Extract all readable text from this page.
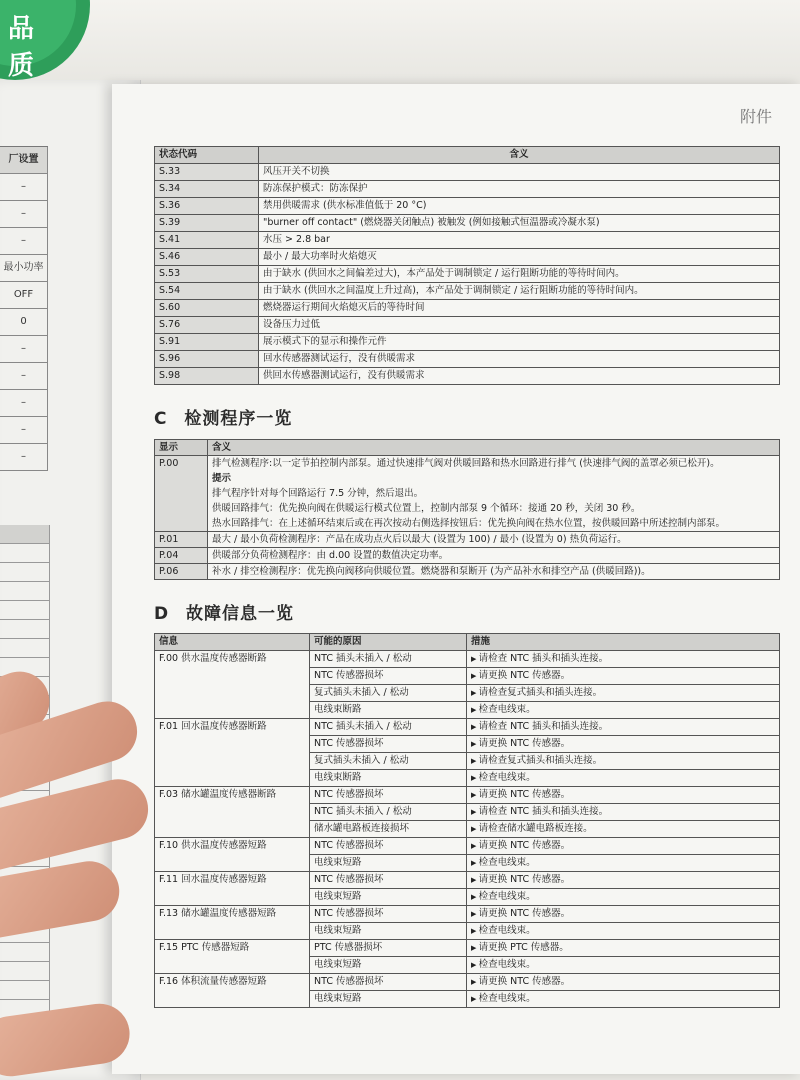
品 质
厂设置
–
–
–
最小功率
OFF
0
–
–
–
–
–
附件
状态代码	含义
S.33	风压开关不切换
S.34	防冻保护模式：防冻保护
S.36	禁用供暖需求 (供水标准值低于 20 °C)
S.39	"burner off contact" (燃烧器关闭触点) 被触发 (例如接触式恒温器或冷凝水泵)
S.41	水压 > 2.8 bar
S.46	最小 / 最大功率时火焰熄灭
S.53	由于缺水 (供回水之间偏差过大)，本产品处于调制锁定 / 运行阻断功能的等待时间内。
S.54	由于缺水 (供回水之间温度上升过高)，本产品处于调制锁定 / 运行阻断功能的等待时间内。
S.60	燃烧器运行期间火焰熄灭后的等待时间
S.76	设备压力过低
S.91	展示模式下的显示和操作元件
S.96	回水传感器测试运行，没有供暖需求
S.98	供回水传感器测试运行，没有供暖需求
C 检测程序一览
显示	含义
P.00	排气检测程序:以一定节拍控制内部泵。通过快速排气阀对供暖回路和热水回路进行排气 (快速排气阀的盖罩必须已松开)。
提示
排气程序针对每个回路运行 7.5 分钟，然后退出。
供暖回路排气：优先换向阀在供暖运行模式位置上，控制内部泵 9 个循环：接通 20 秒，关闭 30 秒。
热水回路排气：在上述循环结束后或在再次按动右侧选择按钮后：优先换向阀在热水位置，按供暖回路中所述控制内部泵。

P.01	最大 / 最小负荷检测程序：产品在成功点火后以最大 (设置为 100) / 最小 (设置为 0) 热负荷运行。

P.04	供暖部分负荷检测程序：由 d.00 设置的数值决定功率。

P.06	补水 / 排空检测程序：优先换向阀移向供暖位置。燃烧器和泵断开 (为产品补水和排空产品 (供暖回路))。
D 故障信息一览
信息	可能的原因	措施
F.00 供水温度传感器断路	NTC 插头未插入 / 松动	▶ 请检查 NTC 插头和插头连接。
	NTC 传感器损坏	▶ 请更换 NTC 传感器。
	复式插头未插入 / 松动	▶ 请检查复式插头和插头连接。
	电线束断路	▶ 检查电线束。
F.01 回水温度传感器断路	NTC 插头未插入 / 松动	▶ 请检查 NTC 插头和插头连接。
	NTC 传感器损坏	▶ 请更换 NTC 传感器。
	复式插头未插入 / 松动	▶ 请检查复式插头和插头连接。
	电线束断路	▶ 检查电线束。
F.03 储水罐温度传感器断路	NTC 传感器损坏	▶ 请更换 NTC 传感器。
	NTC 插头未插入 / 松动	▶ 请检查 NTC 插头和插头连接。
	储水罐电路板连接损坏	▶ 请检查储水罐电路板连接。
F.10 供水温度传感器短路	NTC 传感器损坏	▶ 请更换 NTC 传感器。
	电线束短路	▶ 检查电线束。
F.11 回水温度传感器短路	NTC 传感器损坏	▶ 请更换 NTC 传感器。
	电线束短路	▶ 检查电线束。
F.13 储水罐温度传感器短路	NTC 传感器损坏	▶ 请更换 NTC 传感器。
	电线束短路	▶ 检查电线束。
F.15 PTC 传感器短路	PTC 传感器损坏	▶ 请更换 PTC 传感器。
	电线束短路	▶ 检查电线束。
F.16 体积流量传感器短路	NTC 传感器损坏	▶ 请更换 NTC 传感器。
	电线束短路	▶ 检查电线束。
